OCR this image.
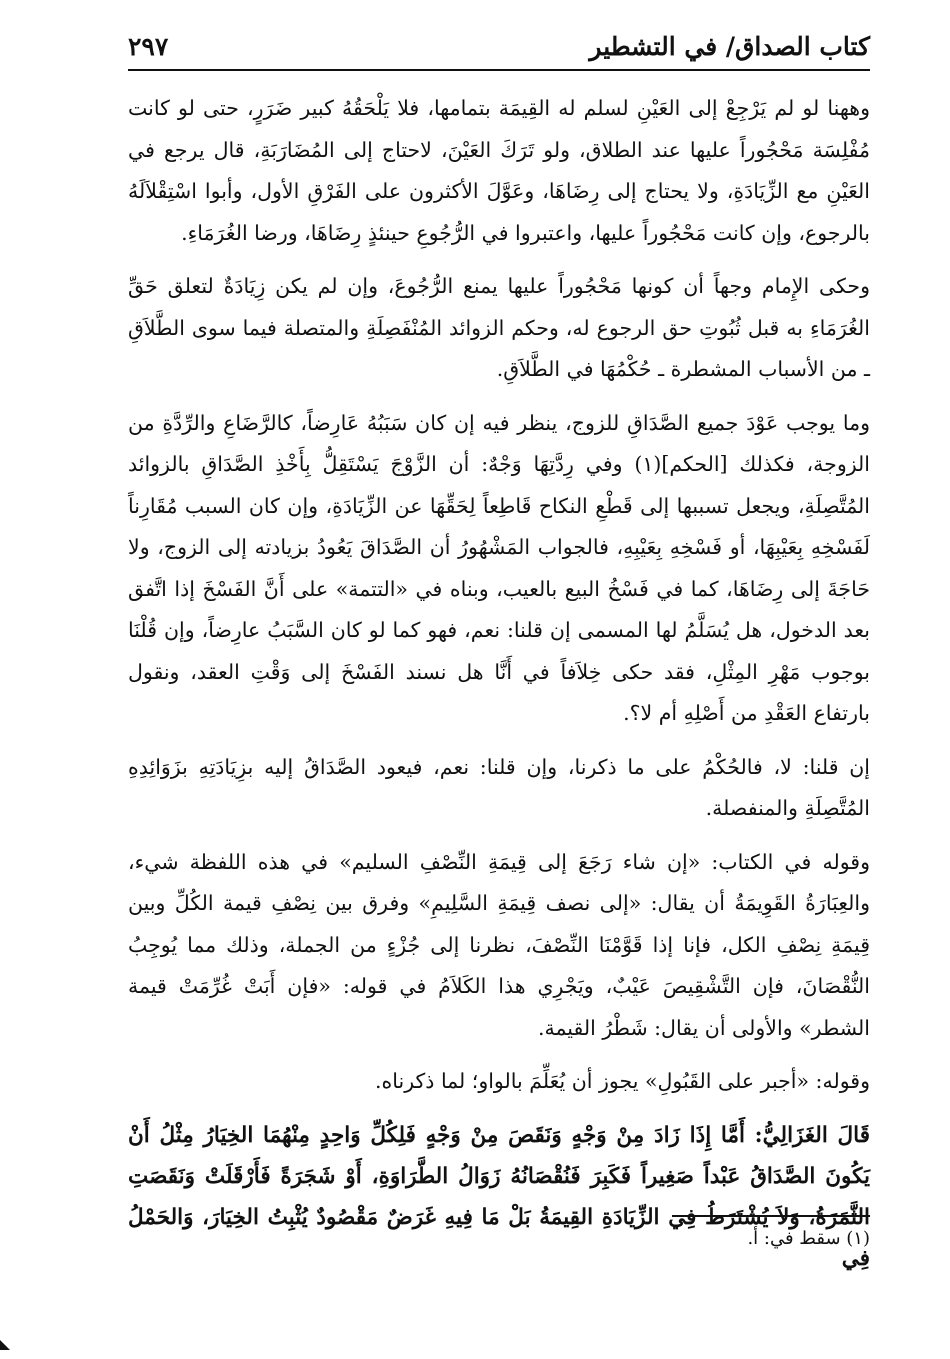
كتاب الصداق/ في التشطير
٢٩٧

وههنا لو لم يَرْجِعْ إلى العَيْنِ لسلم له القِيمَة بتمامها، فلا يَلْحَقُهُ كبير ضَرَرٍ، حتى لو كانت مُفْلِسَة مَحْجُوراً عليها عند الطلاق، ولو تَرَكَ العَيْنَ، لاحتاج إلى المُضَارَبَةِ، قال يرجع في العَيْنِ مع الزِّيَادَةِ، ولا يحتاج إلى رِضَاهَا، وعَوَّلَ الأكثرون على الفَرْقِ الأول، وأبوا اسْتِقْلاَلَهُ بالرجوع، وإن كانت مَحْجُوراً عليها، واعتبروا في الرُّجُوعِ حينئذٍ رِضَاهَا، ورضا الغُرَمَاءِ.

وحكى الإِمام وجهاً أن كونها مَحْجُوراً عليها يمنع الرُّجُوعَ، وإن لم يكن زِيَادَةٌ لتعلق حَقِّ الغُرَمَاءِ به قبل ثُبُوتِ حق الرجوع له، وحكم الزوائد المُنْفَصِلَةِ والمتصلة فيما سوى الطَّلاَقِ ـ من الأسباب المشطرة ـ حُكْمُهَا في الطَّلاَقِ.

وما يوجب عَوْدَ جميع الصَّدَاقِ للزوج، ينظر فيه إن كان سَبَبُهُ عَارِضاً، كالرَّضَاعِ والرِّدَّةِ من الزوجة، فكذلك [الحكم](١) وفي رِدَّتِهَا وَجْهٌ: أن الزَّوْجَ يَسْتَقِلُّ بِأَخْذِ الصَّدَاقِ بالزوائد المُتَّصِلَةِ، ويجعل تسببها إلى قَطْعِ النكاح قَاطِعاً لِحَقِّهَا عن الزِّيَادَةِ، وإن كان السبب مُقَارِناً لَفَسْخِهِ بِعَيْبِهَا، أو فَسْخِهِ بِعَيْبِهِ، فالجواب المَشْهُورُ أن الصَّدَاقَ يَعُودُ بزيادته إلى الزوج، ولا حَاجَةَ إلى رِضَاهَا، كما في فَسْخُ البيع بالعيب، وبناه في «التتمة» على أَنَّ الفَسْخَ إذا اتَّفق بعد الدخول، هل يُسَلَّمُ لها المسمى إن قلنا: نعم، فهو كما لو كان السَّبَبُ عارِضاً، وإن قُلْنَا بوجوب مَهْرِ المِثْلِ، فقد حكى خِلاَفاً في أَنَّا هل نسند الفَسْخَ إلى وَقْتِ العقد، ونقول بارتفاع العَقْدِ من أَصْلِهِ أم لا؟.

إن قلنا: لا، فالحُكْمُ على ما ذكرنا، وإن قلنا: نعم، فيعود الصَّدَاقُ إليه بزِيَادَتِهِ بزَوَائِدِهِ المُتَّصِلَةِ والمنفصلة.

وقوله في الكتاب: «إن شاء رَجَعَ إلى قِيمَةِ النِّصْفِ السليم» في هذه اللفظة شيء، والعِبَارَةُ القَوِيمَةُ أن يقال: «إلى نصف قِيمَةِ السَّلِيمِ» وفرق بين نِصْفِ قيمة الكُلِّ وبين قِيمَةِ نِصْفِ الكل، فإنا إذا قَوَّمْنَا النِّصْفَ، نظرنا إلى جُزْءٍ من الجملة، وذلك مما يُوجِبُ النُّقْصَانَ، فإن التَّشْقِيصَ عَيْبٌ، ويَجْرِي هذا الكَلاَمُ في قوله: «فإن أَبَتْ غُرِّمَتْ قيمة الشطر» والأولى أن يقال: شَطْرُ القيمة.

وقوله: «أجبر على القَبُولِ» يجوز أن يُعَلِّمَ بالواو؛ لما ذكرناه.

قَالَ الغَزَالِيُّ: أَمَّا إِذَا زَادَ مِنْ وَجْهٍ وَنَقَصَ مِنْ وَجْهٍ فَلِكُلِّ وَاحِدٍ مِنْهُمَا الخِيَارُ مِثْلُ أَنْ يَكُونَ الصَّدَاقُ عَبْداً صَغِيراً فَكَبِرَ فَنُقْصَانُهُ زَوَالُ الطَّرَاوَةِ، أَوْ شَجَرَةً فَأَرْقَلَتْ وَنَقَصَتِ الثَّمَرَةُ، وَلاَ يُشْتَرَطُ فِي الزِّيَادَةِ القِيمَةُ بَلْ مَا فِيهِ غَرَضٌ مَقْصُودٌ يُثْبِتُ الخِيَارَ، وَالحَمْلُ فِي

(١) سقط في: أ.
